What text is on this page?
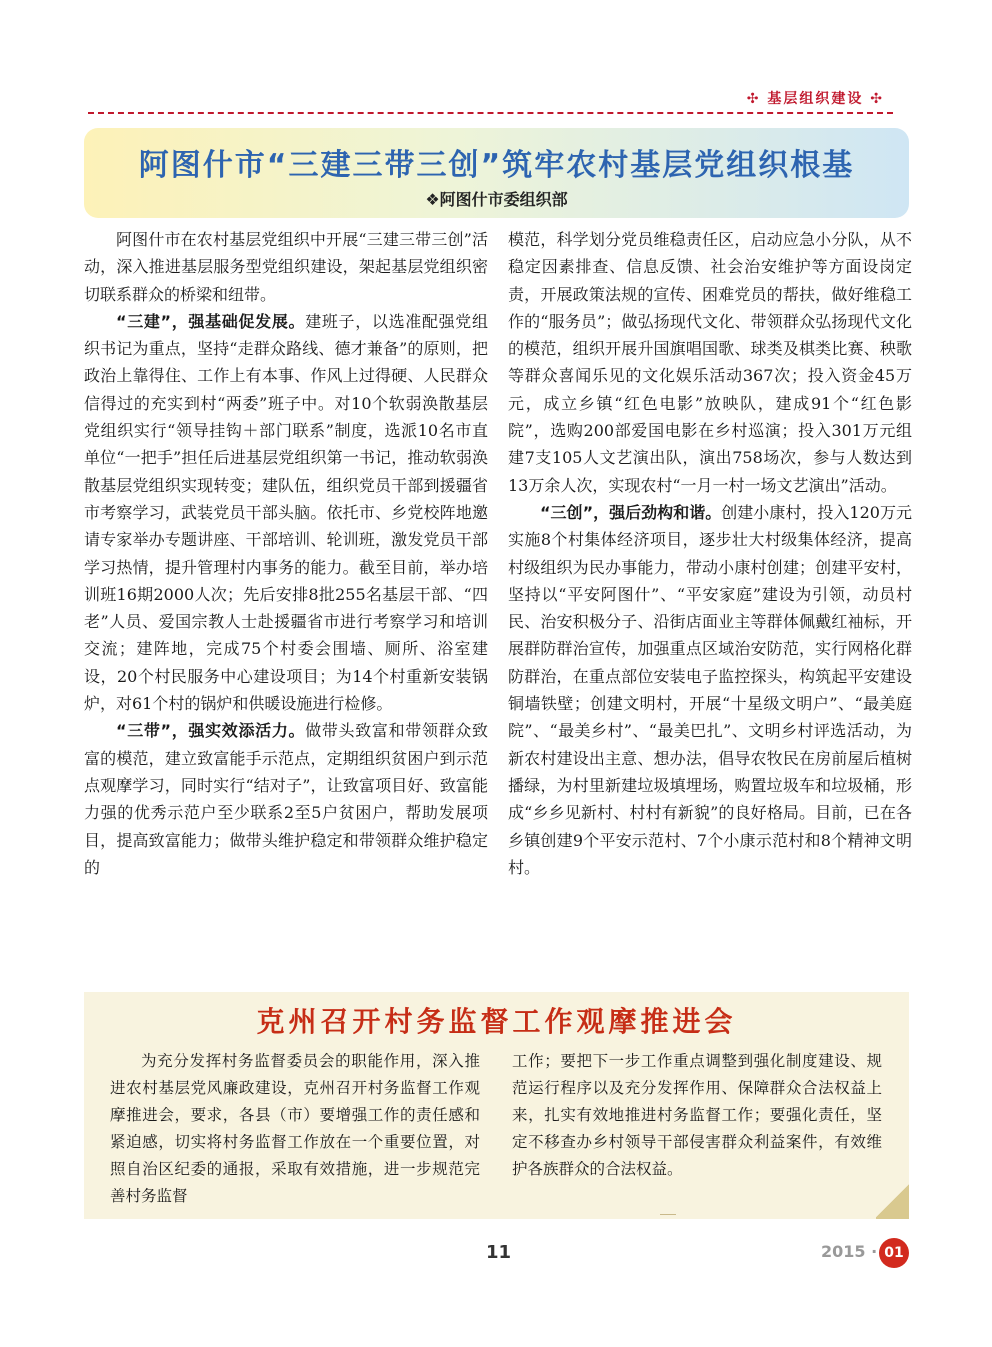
✣ 基层组织建设 ✣
阿图什市“三建三带三创”筑牢农村基层党组织根基
❖阿图什市委组织部

阿图什市在农村基层党组织中开展“三建三带三创”活动，深入推进基层服务型党组织建设，架起基层党组织密切联系群众的桥梁和纽带。

“三建”，强基础促发展。建班子，以选准配强党组织书记为重点，坚持“走群众路线、德才兼备”的原则，把政治上靠得住、工作上有本事、作风上过得硬、人民群众信得过的充实到村“两委”班子中。对10个软弱涣散基层党组织实行“领导挂钩＋部门联系”制度，选派10名市直单位“一把手”担任后进基层党组织第一书记，推动软弱涣散基层党组织实现转变；建队伍，组织党员干部到援疆省市考察学习，武装党员干部头脑。依托市、乡党校阵地邀请专家举办专题讲座、干部培训、轮训班，激发党员干部学习热情，提升管理村内事务的能力。截至目前，举办培训班16期2000人次；先后安排8批255名基层干部、“四老”人员、爱国宗教人士赴援疆省市进行考察学习和培训交流；建阵地，完成75个村委会围墙、厕所、浴室建设，20个村民服务中心建设项目；为14个村重新安装锅炉，对61个村的锅炉和供暖设施进行检修。

“三带”，强实效添活力。做带头致富和带领群众致富的模范，建立致富能手示范点，定期组织贫困户到示范点观摩学习，同时实行“结对子”，让致富项目好、致富能力强的优秀示范户至少联系2至5户贫困户，帮助发展项目，提高致富能力；做带头维护稳定和带领群众维护稳定的

模范，科学划分党员维稳责任区，启动应急小分队，从不稳定因素排查、信息反馈、社会治安维护等方面设岗定责，开展政策法规的宣传、困难党员的帮扶，做好维稳工作的“服务员”；做弘扬现代文化、带领群众弘扬现代文化的模范，组织开展升国旗唱国歌、球类及棋类比赛、秧歌等群众喜闻乐见的文化娱乐活动367次；投入资金45万元，成立乡镇“红色电影”放映队，建成91个“红色影院”，选购200部爱国电影在乡村巡演；投入301万元组建7支105人文艺演出队，演出758场次，参与人数达到13万余人次，实现农村“一月一村一场文艺演出”活动。

“三创”，强后劲构和谐。创建小康村，投入120万元实施8个村集体经济项目，逐步壮大村级集体经济，提高村级组织为民办事能力，带动小康村创建；创建平安村，坚持以“平安阿图什”、“平安家庭”建设为引领，动员村民、治安积极分子、沿街店面业主等群体佩戴红袖标，开展群防群治宣传，加强重点区域治安防范，实行网格化群防群治，在重点部位安装电子监控探头，构筑起平安建设铜墙铁壁；创建文明村，开展“十星级文明户”、“最美庭院”、“最美乡村”、“最美巴扎”、文明乡村评选活动，为新农村建设出主意、想办法，倡导农牧民在房前屋后植树播绿，为村里新建垃圾填埋场，购置垃圾车和垃圾桶，形成“乡乡见新村、村村有新貌”的良好格局。目前，已在各乡镇创建9个平安示范村、7个小康示范村和8个精神文明村。

克州召开村务监督工作观摩推进会

为充分发挥村务监督委员会的职能作用，深入推进农村基层党风廉政建设，克州召开村务监督工作观摩推进会，要求，各县（市）要增强工作的责任感和紧迫感，切实将村务监督工作放在一个重要位置，对照自治区纪委的通报，采取有效措施，进一步规范完善村务监督

工作；要把下一步工作重点调整到强化制度建设、规范运行程序以及充分发挥作用、保障群众合法权益上来，扎实有效地推进村务监督工作；要强化责任，坚定不移查办乡村领导干部侵害群众利益案件，有效维护各族群众的合法权益。

11	2015 · 01
